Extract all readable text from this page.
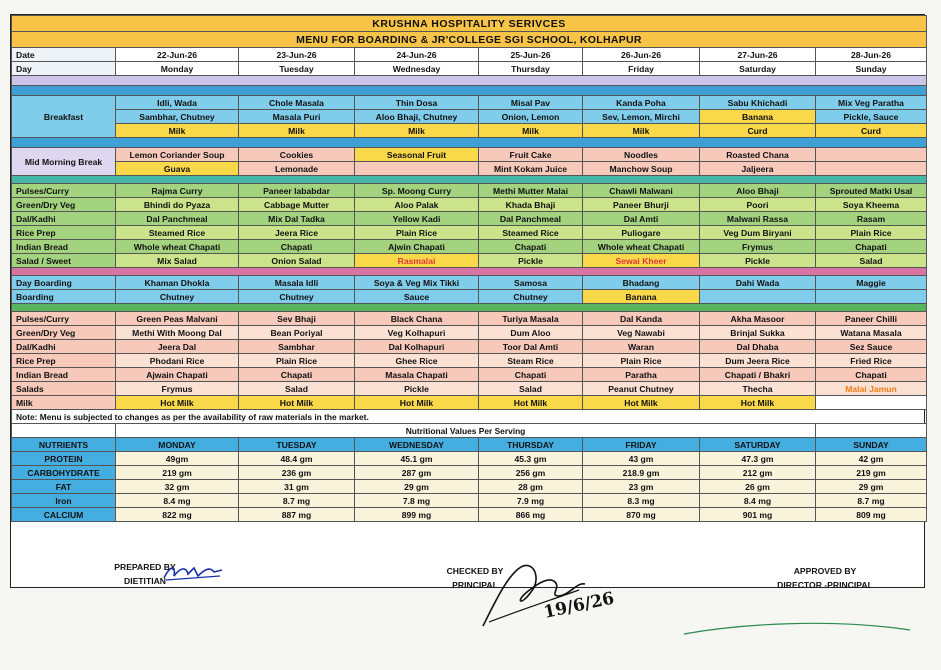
KRUSHNA HOSPITALITY SERIVCES							
MENU FOR BOARDING & JR'COLLEGE SGI SCHOOL, KOLHAPUR							
Date	22-Jun-26	23-Jun-26	24-Jun-26	25-Jun-26	26-Jun-26	27-Jun-26	28-Jun-26
Day	Monday	Tuesday	Wednesday	Thursday	Friday	Saturday	Sunday

Breakfast	Idli, Wada	Chole Masala	Thin Dosa	Misal Pav	Kanda Poha	Sabu Khichadi	Mix Veg Paratha
	Sambhar, Chutney	Masala Puri	Aloo Bhaji, Chutney	Onion, Lemon	Sev, Lemon, Mirchi	Banana	Pickle, Sauce
	Milk	Milk	Milk	Milk	Milk	Curd	Curd

Mid Morning Break	Lemon Coriander Soup	Cookies	Seasonal Fruit	Fruit Cake	Noodles	Roasted Chana	
	Guava	Lemonade		Mint Kokam Juice	Manchow Soup	Jaljeera	

Pulses/Curry	Rajma Curry	Paneer lababdar	Sp. Moong Curry	Methi Mutter Malai	Chawli Malwani	Aloo Bhaji	Sprouted Matki Usal
Green/Dry Veg	Bhindi do Pyaza	Cabbage Mutter	Aloo Palak	Khada Bhaji	Paneer Bhurji	Poori	Soya Kheema
Dal/Kadhi	Dal Panchmeal	Mix Dal Tadka	Yellow Kadi	Dal Panchmeal	Dal Amti	Malwani Rassa	Rasam
Rice Prep	Steamed Rice	Jeera Rice	Plain Rice	Steamed Rice	Puliogare	Veg Dum Biryani	Plain Rice
Indian Bread	Whole wheat Chapati	Chapati	Ajwin Chapati	Chapati	Whole wheat Chapati	Frymus	Chapati
Salad / Sweet	Mix Salad	Onion Salad	Rasmalai	Pickle	Sewai Kheer	Pickle	Salad

Day Boarding	Khaman Dhokla	Masala Idli	Soya & Veg Mix Tikki	Samosa	Bhadang	Dahi Wada	Maggie
Boarding	Chutney	Chutney	Sauce	Chutney	Banana		

Pulses/Curry	Green Peas Malvani	Sev Bhaji	Black Chana	Turiya Masala	Dal Kanda	Akha Masoor	Paneer Chilli
Green/Dry Veg	Methi With Moong Dal	Bean Poriyal	Veg Kolhapuri	Dum Aloo	Veg Nawabi	Brinjal Sukka	Watana Masala
Dal/Kadhi	Jeera Dal	Sambhar	Dal Kolhapuri	Toor Dal Amti	Waran	Dal Dhaba	Sez Sauce
Rice Prep	Phodani Rice	Plain Rice	Ghee Rice	Steam Rice	Plain Rice	Dum Jeera Rice	Fried Rice
Indian Bread	Ajwain Chapati	Chapati	Masala Chapati	Chapati	Paratha	Chapati / Bhakri	Chapati
Salads	Frymus	Salad	Pickle	Salad	Peanut Chutney	Thecha	Malai Jamun
Milk	Hot Milk	Hot Milk	Hot Milk	Hot Milk	Hot Milk	Hot Milk	
Note: Menu is subjected to changes as per the availability of raw materials in the market.							
	Nutritional Values Per Serving						
NUTRIENTS	MONDAY	TUESDAY	WEDNESDAY	THURSDAY	FRIDAY	SATURDAY	SUNDAY
PROTEIN	49gm	48.4 gm	45.1 gm	45.3 gm	43 gm	47.3 gm	42 gm
CARBOHYDRATE	219 gm	236 gm	287 gm	256 gm	218.9 gm	212 gm	219 gm
FAT	32 gm	31 gm	29 gm	28 gm	23 gm	26 gm	29 gm
Iron	8.4 mg	8.7 mg	7.8 mg	7.9 mg	8.3 mg	8.4 mg	8.7 mg
CALCIUM	822 mg	887 mg	899 mg	866 mg	870 mg	901 mg	809 mg
PREPARED BY
DIETITIAN
CHECKED BY
PRINCIPAL
19/6/26
APPROVED BY
DIRECTOR -PRINCIPAL
